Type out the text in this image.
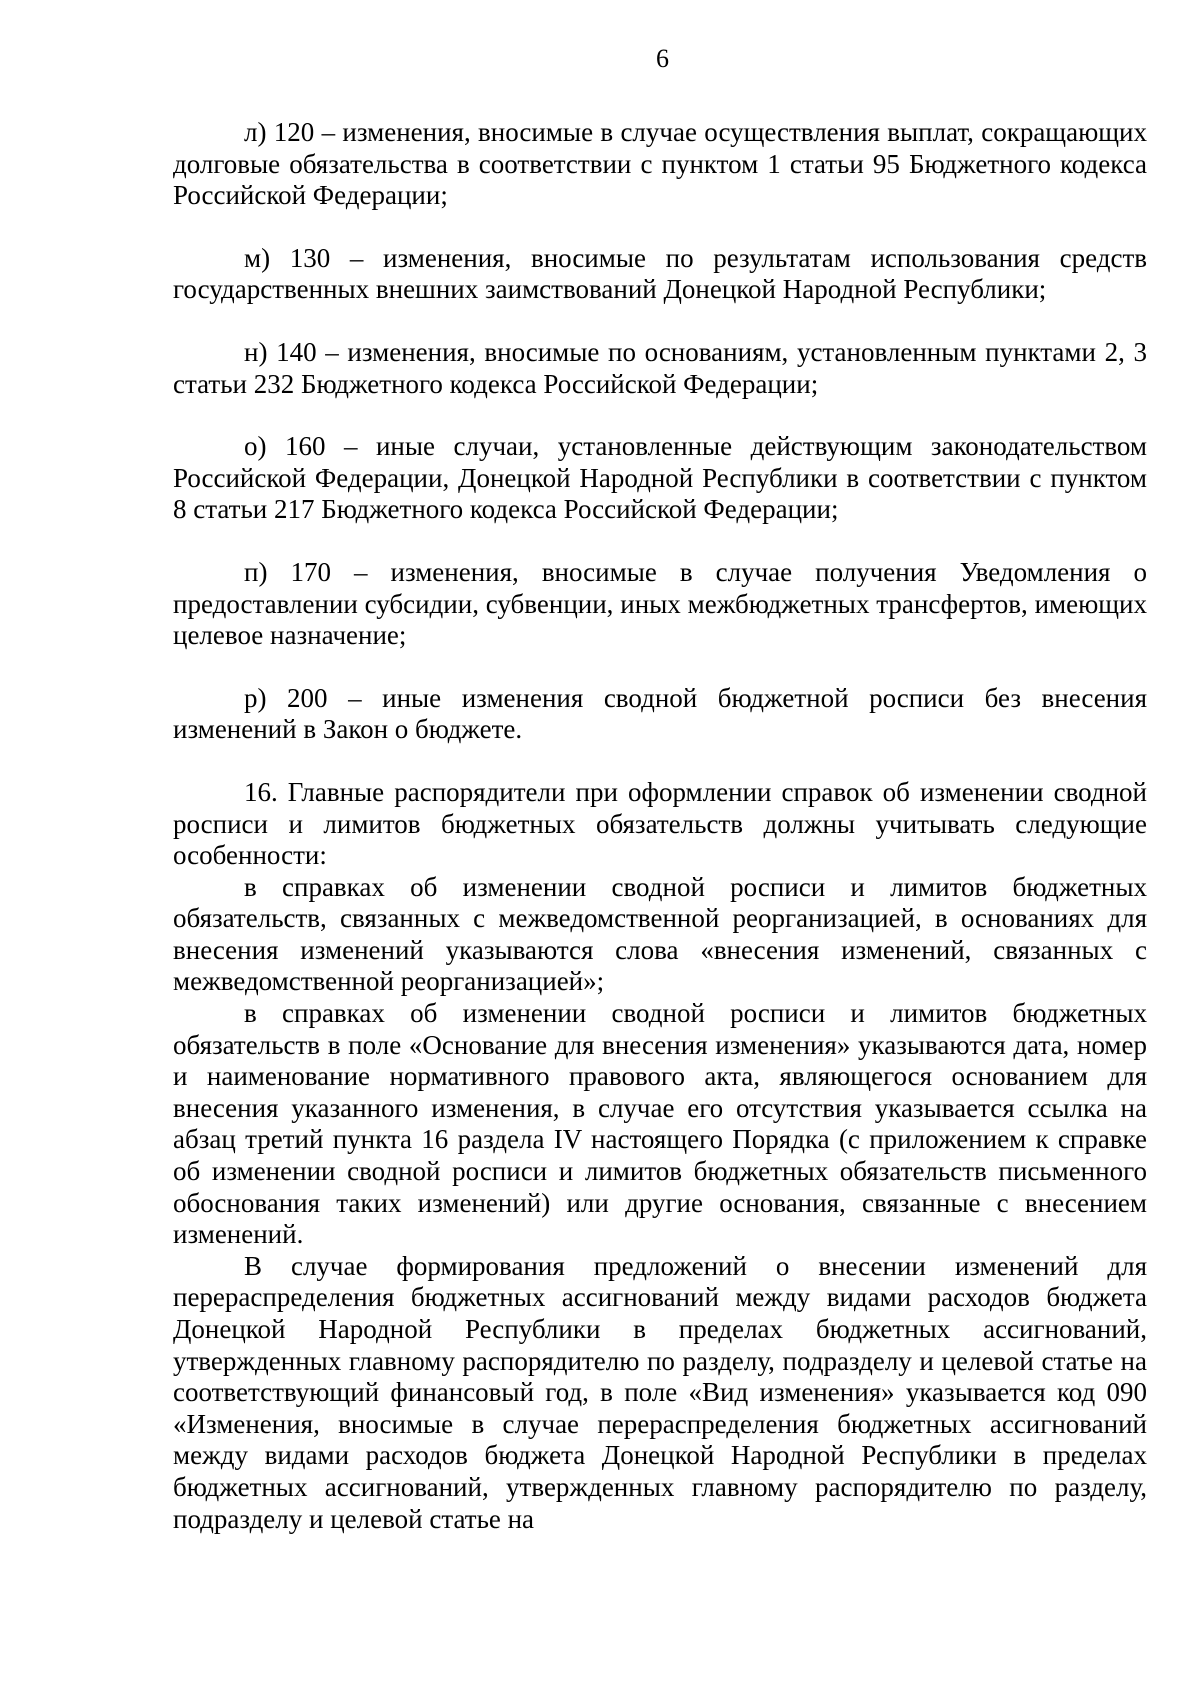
6

л) 120 – изменения, вносимые в случае осуществления выплат, сокращающих долговые обязательства в соответствии с пунктом 1 статьи 95 Бюджетного кодекса Российской Федерации;

м) 130 – изменения, вносимые по результатам использования средств государственных внешних заимствований Донецкой Народной Республики;

н) 140 – изменения, вносимые по основаниям, установленным пунктами 2, 3 статьи 232 Бюджетного кодекса Российской Федерации;

о) 160 – иные случаи, установленные действующим законодательством Российской Федерации, Донецкой Народной Республики в соответствии с пунктом 8 статьи 217 Бюджетного кодекса Российской Федерации;

п) 170 – изменения, вносимые в случае получения Уведомления о предоставлении субсидии, субвенции, иных межбюджетных трансфертов, имеющих целевое назначение;

р) 200 – иные изменения сводной бюджетной росписи без внесения изменений в Закон о бюджете.

16. Главные распорядители при оформлении справок об изменении сводной росписи и лимитов бюджетных обязательств должны учитывать следующие особенности:

в справках об изменении сводной росписи и лимитов бюджетных обязательств, связанных с межведомственной реорганизацией, в основаниях для внесения изменений указываются слова «внесения изменений, связанных с межведомственной реорганизацией»;

в справках об изменении сводной росписи и лимитов бюджетных обязательств в поле «Основание для внесения изменения» указываются дата, номер и наименование нормативного правового акта, являющегося основанием для внесения указанного изменения, в случае его отсутствия указывается ссылка на абзац третий пункта 16 раздела IV настоящего Порядка (с приложением к справке об изменении сводной росписи и лимитов бюджетных обязательств письменного обоснования таких изменений) или другие основания, связанные с внесением изменений.

В случае формирования предложений о внесении изменений для перераспределения бюджетных ассигнований между видами расходов бюджета Донецкой Народной Республики в пределах бюджетных ассигнований, утвержденных главному распорядителю по разделу, подразделу и целевой статье на соответствующий финансовый год, в поле «Вид изменения» указывается код 090 «Изменения, вносимые в случае перераспределения бюджетных ассигнований между видами расходов бюджета Донецкой Народной Республики в пределах бюджетных ассигнований, утвержденных главному распорядителю по разделу, подразделу и целевой статье на
